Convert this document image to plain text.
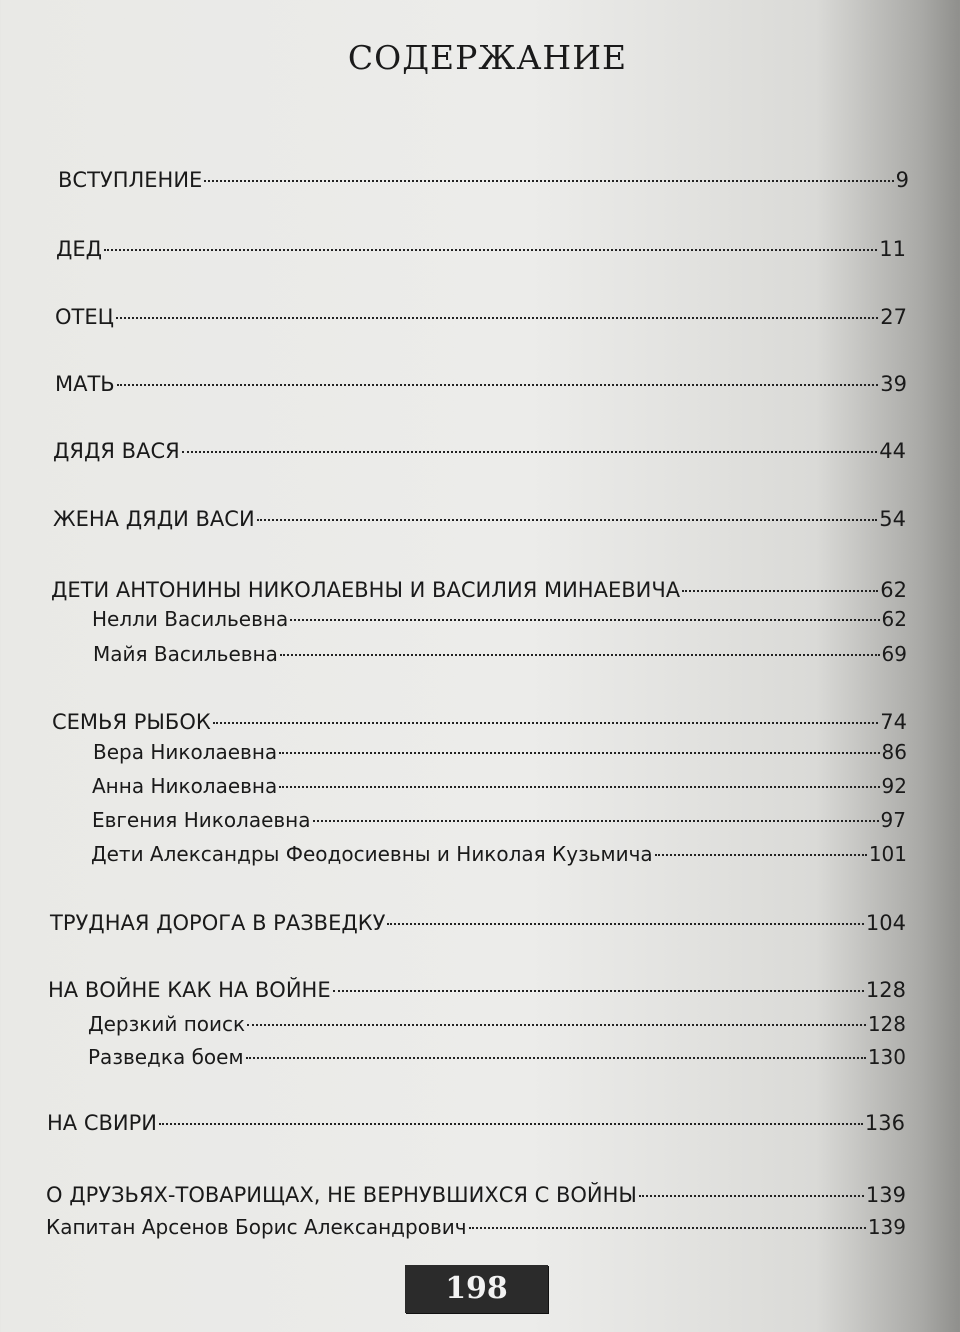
СОДЕРЖАНИЕ
ВСТУПЛЕНИЕ	9
ДЕД	11
ОТЕЦ	27
МАТЬ	39
ДЯДЯ ВАСЯ	44
ЖЕНА ДЯДИ ВАСИ	54
ДЕТИ АНТОНИНЫ НИКОЛАЕВНЫ И ВАСИЛИЯ МИНАЕВИЧА	62
Нелли Васильевна	62
Майя Васильевна	69
СЕМЬЯ РЫБОК	74
Вера Николаевна	86
Анна Николаевна	92
Евгения Николаевна	97
Дети Александры Феодосиевны и Николая Кузьмича	101
ТРУДНАЯ ДОРОГА В РАЗВЕДКУ	104
НА ВОЙНЕ КАК НА ВОЙНЕ	128
Дерзкий поиск	128
Разведка боем	130
НА СВИРИ	136
О ДРУЗЬЯХ-ТОВАРИЩАХ, НЕ ВЕРНУВШИХСЯ С ВОЙНЫ	139
Капитан Арсенов Борис Александрович	139
198
